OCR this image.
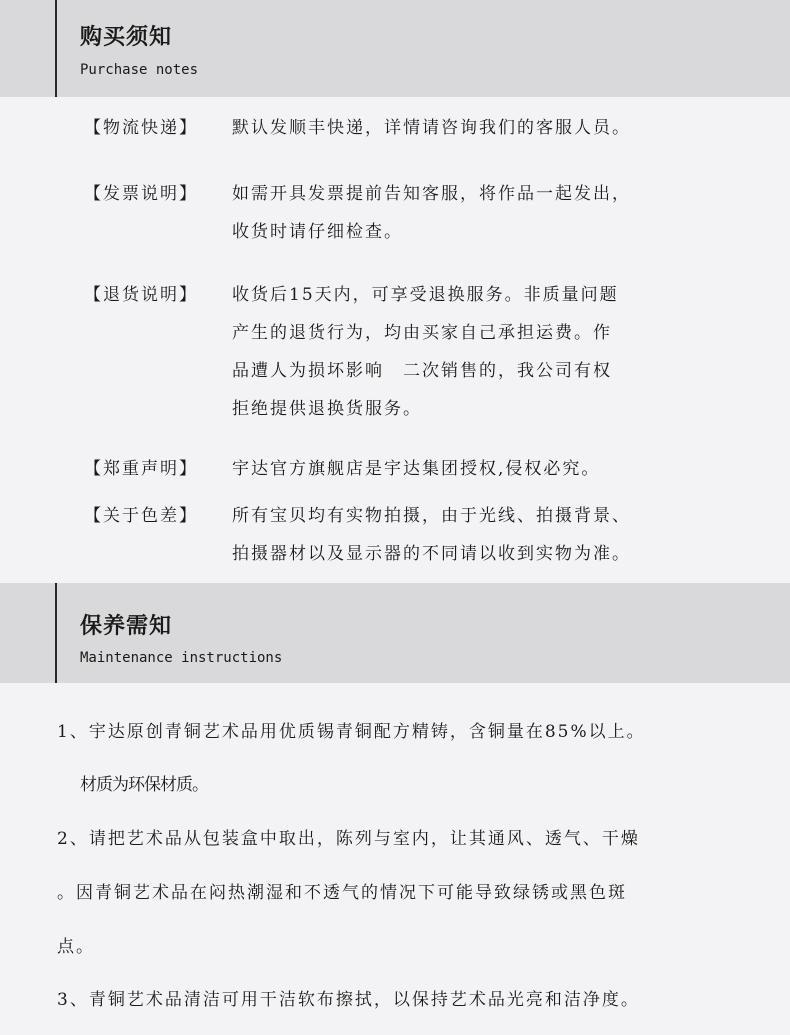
购买须知
Purchase notes
【物流快递】 默认发顺丰快递，详情请咨询我们的客服人员。
【发票说明】 如需开具发票提前告知客服，将作品一起发出，
收货时请仔细检查。
【退货说明】 收货后15天内，可享受退换服务。非质量问题
产生的退货行为，均由买家自己承担运费。作
品遭人为损坏影响　二次销售的，我公司有权
拒绝提供退换货服务。
【郑重声明】 宇达官方旗舰店是宇达集团授权,侵权必究。
【关于色差】 所有宝贝均有实物拍摄，由于光线、拍摄背景、
拍摄器材以及显示器的不同请以收到实物为准。
保养需知
Maintenance instructions
1、宇达原创青铜艺术品用优质锡青铜配方精铸，含铜量在85%以上。
材质为环保材质。
2、请把艺术品从包装盒中取出，陈列与室内，让其通风、透气、干燥
。因青铜艺术品在闷热潮湿和不透气的情况下可能导致绿锈或黑色斑
点。
3、青铜艺术品清洁可用干洁软布擦拭，以保持艺术品光亮和洁净度。
